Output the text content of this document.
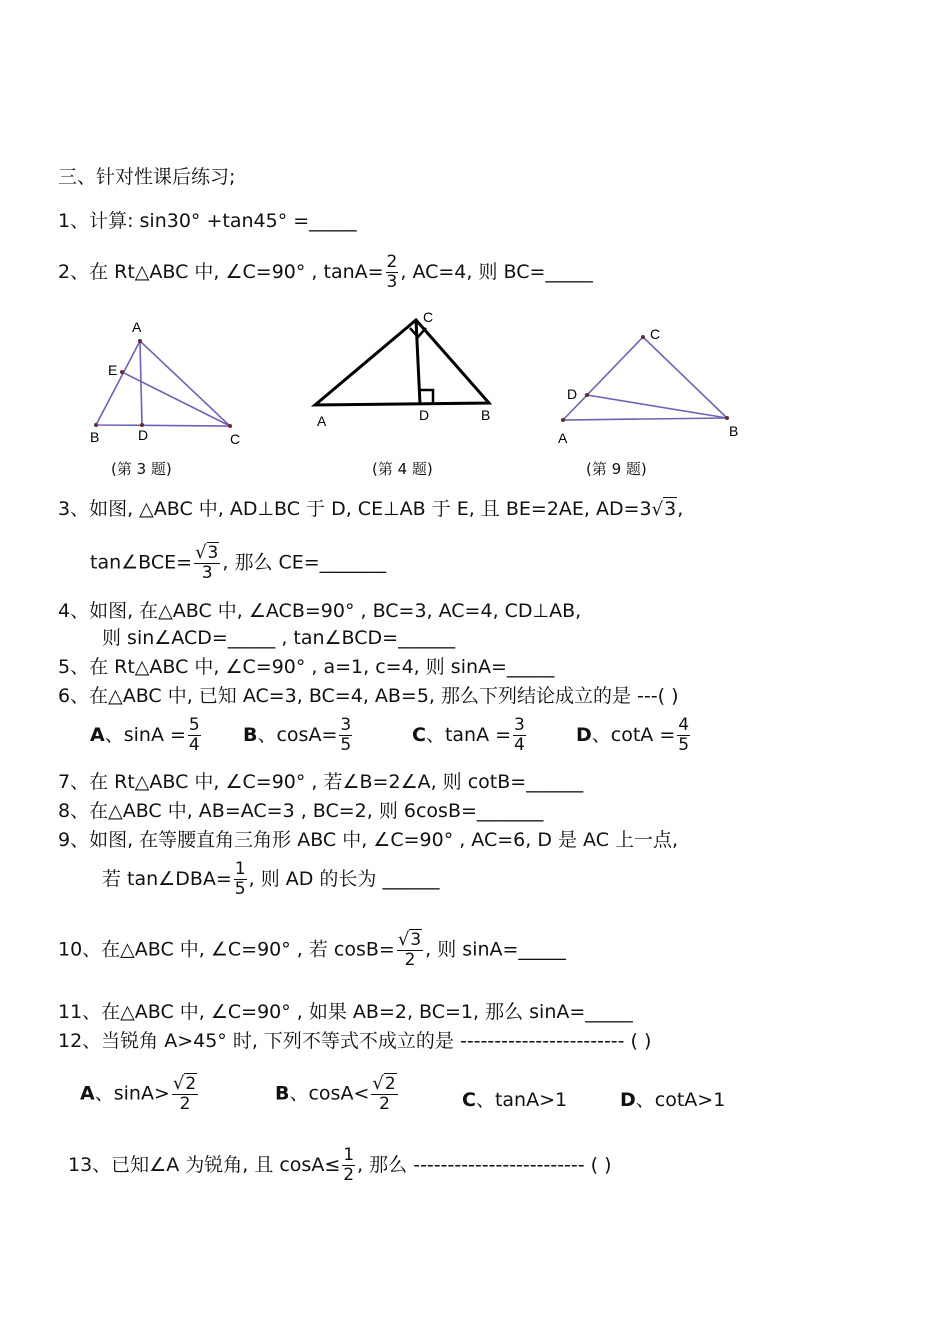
A
E
B	D	C
C
A	D	B
C
D
A	B
(第 3 题)	(第 4 题)	(第 9 题)
三、针对性课后练习;
1、计算: sin30° +tan45° =_____
2、在 Rt△ABC 中, ∠C=90° , $\tan A= \frac{2}{3}$ , AC=4, 则 BC=_____
3、如图, △ABC 中, AD⊥BC 于 D, CE⊥AB 于 E, 且 BE=2AE, AD=3√3,
tan∠BCE= $\frac{√3}{3}$ , 那么 CE=_______
4、如图, 在△ABC 中, ∠ACB=90° , BC=3, AC=4, CD⊥AB,
则 sin∠ACD=_____ , tan∠BCD=______
5、在 Rt△ABC 中, ∠C=90° , a=1, c=4, 则 sinA=_____
6、在△ABC 中, 已知 AC=3, BC=4, AB=5, 那么下列结论成立的是 ---( )
A、$\sin A = \frac{5}{4}$ B、$\cos A= \frac{3}{5}$	C、$\tan A = \frac{3}{4}$	D、$\cot A = \frac{4}{5}$
7、在 Rt△ABC 中, ∠C=90° , 若∠B=2∠A, 则 cotB=______
8、在△ABC 中, AB=AC=3 , BC=2, 则 6cosB=_______
9、如图, 在等腰直角三角形 ABC 中, ∠C=90° , AC=6, D 是 AC 上一点,
若 tan∠DBA= $\frac{1}{5}$ , 则 AD 的长为 ______
10、在△ABC 中, ∠C=90° , 若 $\cos B= \frac{√3}{2}$ , 则 sinA=_____
11、在△ABC 中, ∠C=90° , 如果 AB=2, BC=1, 那么 sinA=_____
12、当锐角 A>45° 时, 下列不等式不成立的是 ------------------------ ( )
A、$\sin A> \frac{√2}{2}$	B、$\cos A< \frac{√2}{2}$	C、tanA>1	D、cotA>1
13、已知∠A 为锐角, 且 $\cos A\le \frac{1}{2}$ , 那么 ------------------------- ( )
